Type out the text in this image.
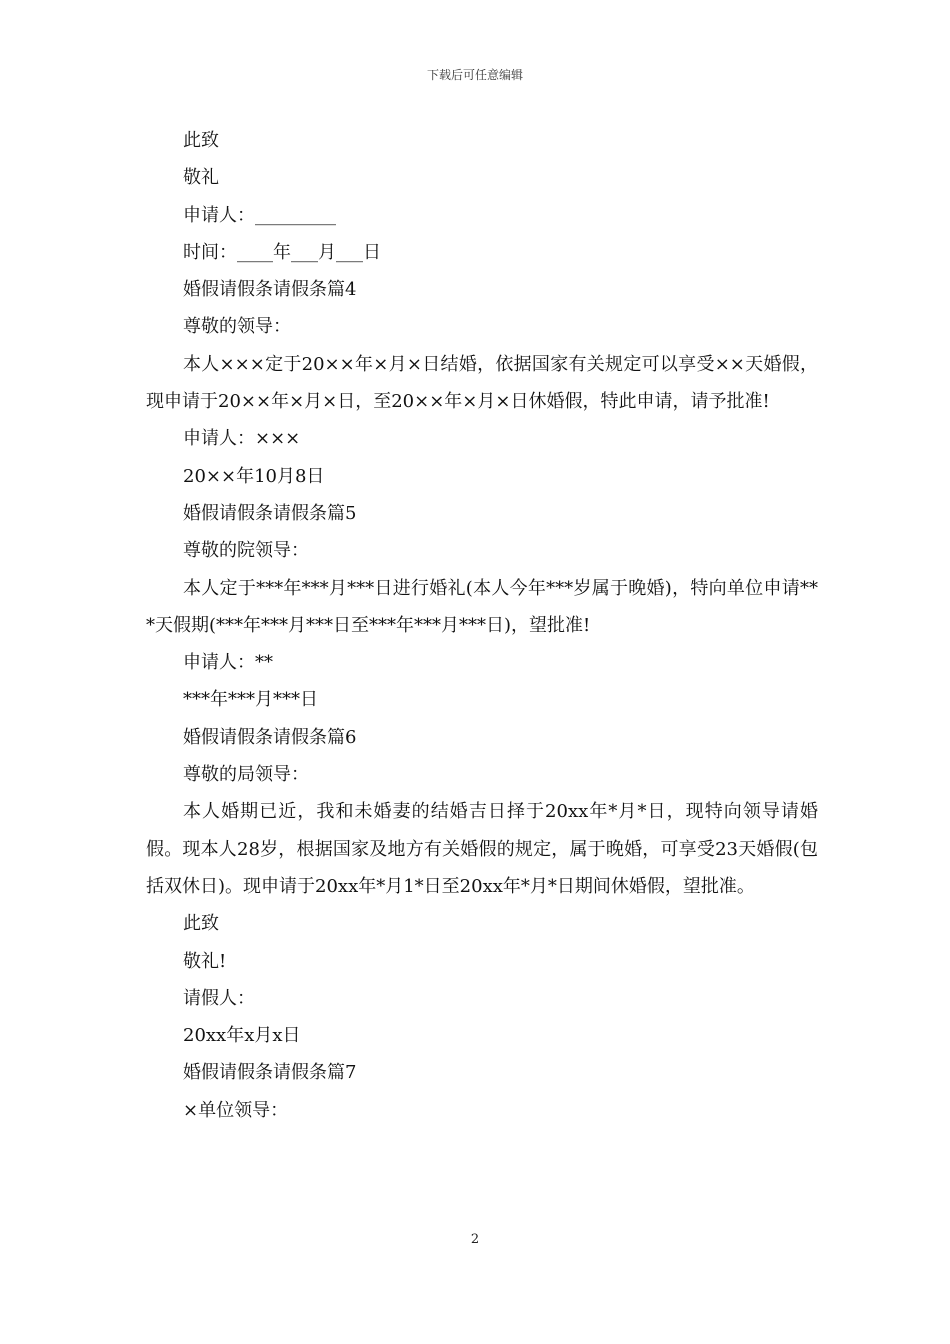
下载后可任意编辑

此致

敬礼

申请人：_________

时间：____年___月___日

婚假请假条请假条篇4

尊敬的领导：

本人×××定于20××年×月×日结婚，依据国家有关规定可以享受××天婚假，现申请于20××年×月×日，至20××年×月×日休婚假，特此申请，请予批准!

申请人：×××

20××年10月8日

婚假请假条请假条篇5

尊敬的院领导：

本人定于***年***月***日进行婚礼(本人今年***岁属于晚婚)，特向单位申请***天假期(***年***月***日至***年***月***日)，望批准!

申请人：**

***年***月***日

婚假请假条请假条篇6

尊敬的局领导：

本人婚期已近，我和未婚妻的结婚吉日择于20xx年*月*日，现特向领导请婚假。现本人28岁，根据国家及地方有关婚假的规定，属于晚婚，可享受23天婚假(包括双休日)。现申请于20xx年*月1*日至20xx年*月*日期间休婚假，望批准。

此致

敬礼!

请假人：

20xx年x月x日

婚假请假条请假条篇7

×单位领导：

2
